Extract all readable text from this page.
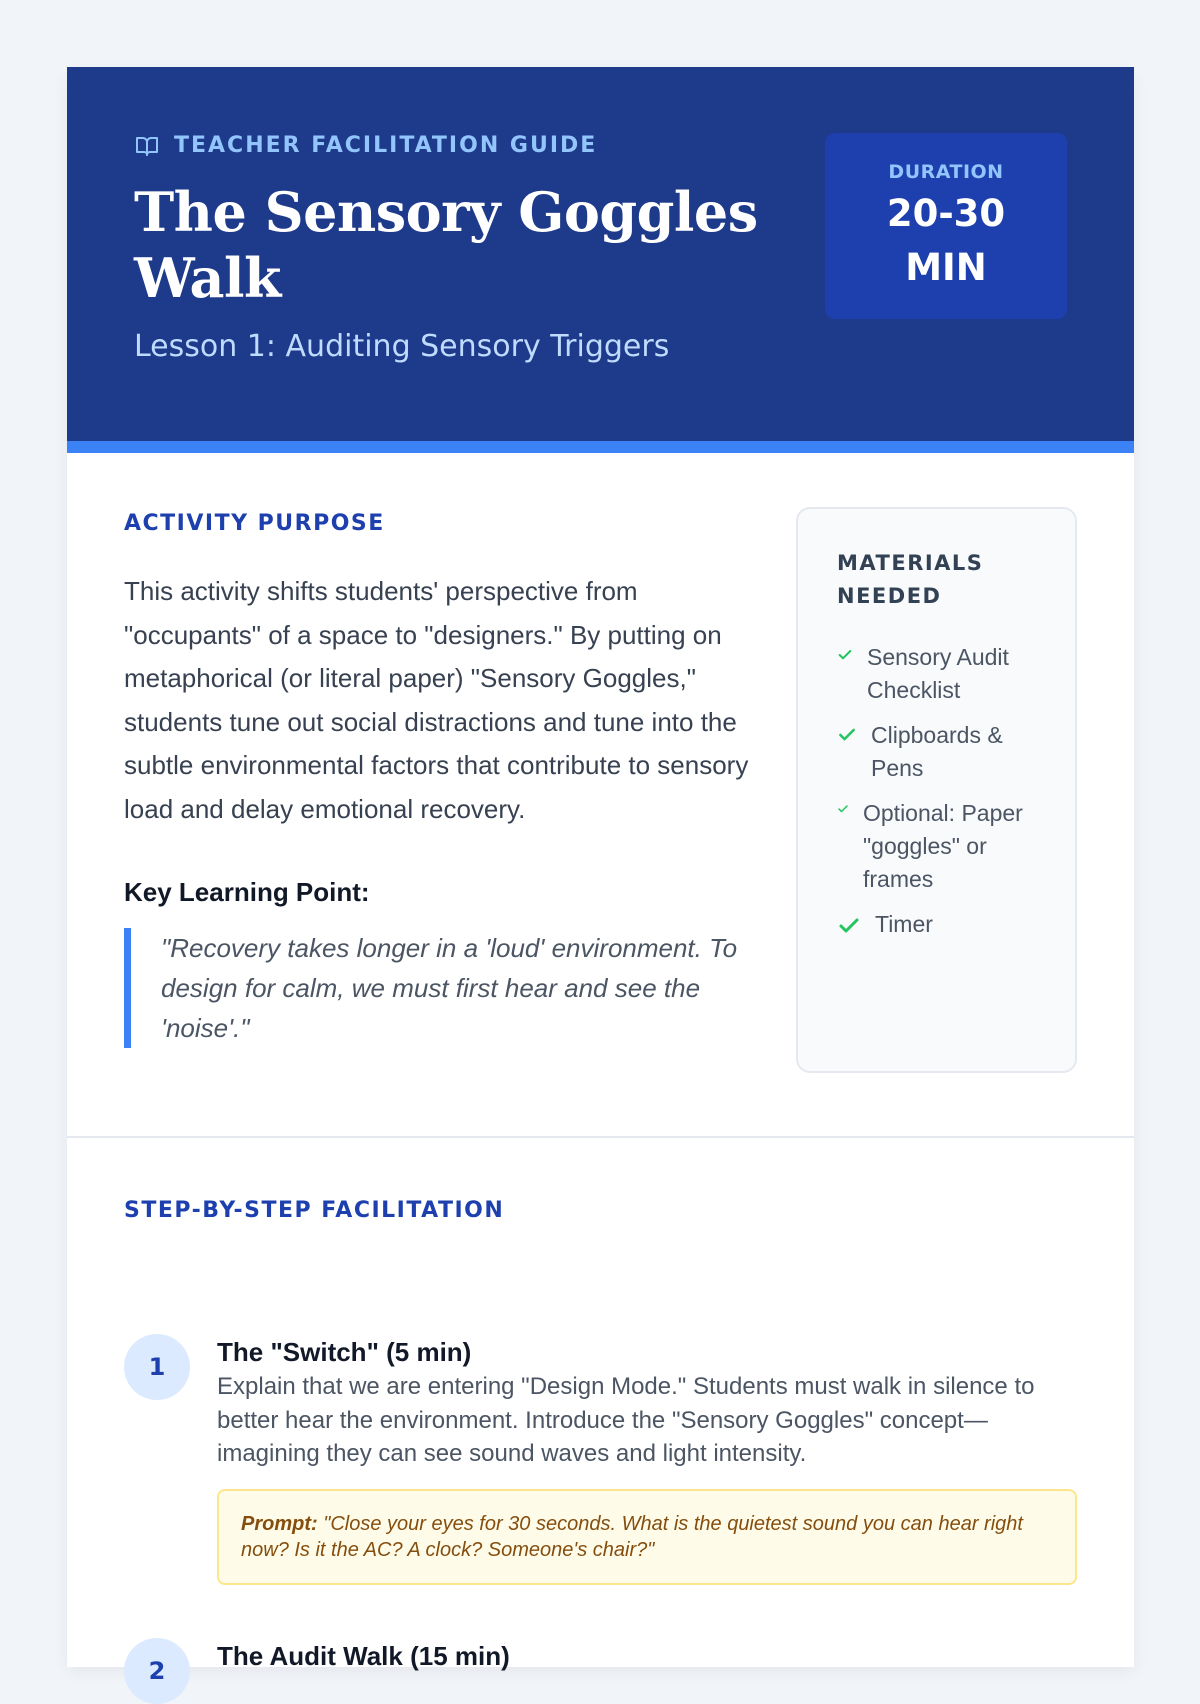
TEACHER FACILITATION GUIDE
The Sensory Goggles Walk
Lesson 1: Auditing Sensory Triggers
DURATION
20-30 MIN
ACTIVITY PURPOSE

This activity shifts students' perspective from "occupants" of a space to "designers." By putting on metaphorical (or literal paper) "Sensory Goggles," students tune out social distractions and tune into the subtle environmental factors that contribute to sensory load and delay emotional recovery.

Key Learning Point:

"Recovery takes longer in a 'loud' environment. To design for calm, we must first hear and see the 'noise'."
MATERIALS NEEDED
Sensory Audit Checklist
Clipboards & Pens
Optional: Paper "goggles" or frames
Timer
STEP-BY-STEP FACILITATION
1	The "Switch" (5 min)

Explain that we are entering "Design Mode." Students must walk in silence to better hear the environment. Introduce the "Sensory Goggles" concept—imagining they can see sound waves and light intensity.

Prompt: "Close your eyes for 30 seconds. What is the quietest sound you can hear right now? Is it the AC? A clock? Someone's chair?"
2	The Audit Walk (15 min)
